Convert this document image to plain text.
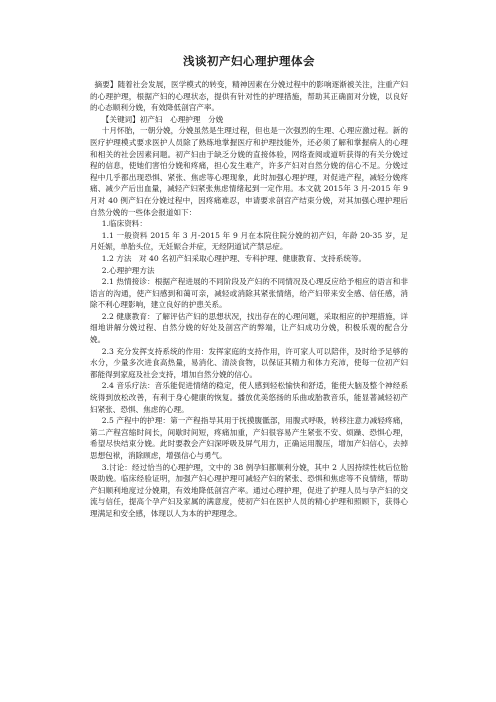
浅谈初产妇心理护理体会

摘要】随着社会发展，医学模式的转变，精神因素在分娩过程中的影响逐渐被关注，注重产妇的心理护理，根据产妇的心理状态，提供有针对性的护理措施，帮助其正确面对分娩，以良好的心态顺利分娩，有效降低剖宫产率。

【关键词】初产妇　心理护理　分娩

十月怀胎，一朝分娩，分娩虽然是生理过程，但也是一次强烈的生理、心理应激过程。新的医疗护理模式要求医护人员除了熟练地掌握医疗和护理技能外，还必须了解和掌握病人的心理和相关的社会因素问题。初产妇由于缺乏分娩的直接体验，网络查阅或道听获得的有关分娩过程的信息，使她们害怕分娩和疼痛，担心发生难产，许多产妇对自然分娩的信心不足。分娩过程中几乎都出现恐惧、紧张、焦虑等心理现象，此时加强心理护理，对促进产程，减轻分娩疼痛、减少产后出血量，减轻产妇紧张焦虑情绪起到一定作用。本文就 2015年 3 月-2015 年 9 月对 40 例产妇在分娩过程中，因疼痛难忍，申请要求剖宫产结束分娩，对其加强心理护理后自然分娩的一些体会报道如下：

1.临床资料：

1.1 一般资料 2015 年 3 月-2015 年 9 月在本院住院分娩的初产妇，年龄 20-35 岁，足月妊娠，单胎头位，无妊娠合并症，无经阴道试产禁忌症。

1.2 方法　对 40 名初产妇采取心理护理、专科护理、健康教育、支持系统等。

2.心理护理方法

2.1 热情接诊：根据产程进展的不同阶段及产妇的不同情况及心理反应给予相应的语言和非语言的沟通，使产妇感到和蔼可亲，减轻或消除其紧张情绪，给产妇带来安全感、信任感，消除不利心理影响，建立良好的护患关系。

2.2 健康教育：了解评估产妇的思想状况，找出存在的心理问题，采取相应的护理措施，详细地讲解分娩过程、自然分娩的好处及剖宫产的弊端，让产妇成功分娩，积极乐观的配合分娩。

2.3 充分发挥支持系统的作用：发挥家庭的支持作用，许可家人可以陪伴，及时给予足够的水分，少量多次进食高热量，易消化、清淡食物，以保证其精力和体力充沛，使每一位初产妇都能得到家庭及社会支持，增加自然分娩的信心。

2.4 音乐疗法：音乐能促进情绪的稳定，使人感到轻松愉快和舒适，能使大脑及整个神经系统得到放松改善，有利于身心健康的恢复。播放优美悠扬的乐曲或胎教音乐，能显著减轻初产妇紧张、恐惧、焦虑的心理。

2.5 产程中的护理：第一产程指导其用于抚摸腹骶部，用腹式呼吸，转移注意力减轻疼痛，第二产程宫缩时间长，间歇时间短，疼痛加重，产妇很容易产生紧张不安、烦躁、恐惧心理，希望尽快结束分娩。此时要教会产妇深呼吸及屏气用力，正确运用腹压，增加产妇信心，去掉思想包袱，消除顾虑，增强信心与勇气。

3.讨论：经过恰当的心理护理，文中的 38 例孕妇都顺利分娩，其中 2 人因持续性枕后位胎吸助娩。临床经验证明，加强产妇心理护理可减轻产妇的紧张、恐惧和焦虑等不良情绪，帮助产妇顺利地度过分娩期，有效地降低剖宫产率。通过心理护理，促进了护理人员与孕产妇的交流与信任，提高个孕产妇及家属的满意度，使初产妇在医护人员的精心护理和照顾下，获得心理满足和安全感，体现以人为本的护理理念。
